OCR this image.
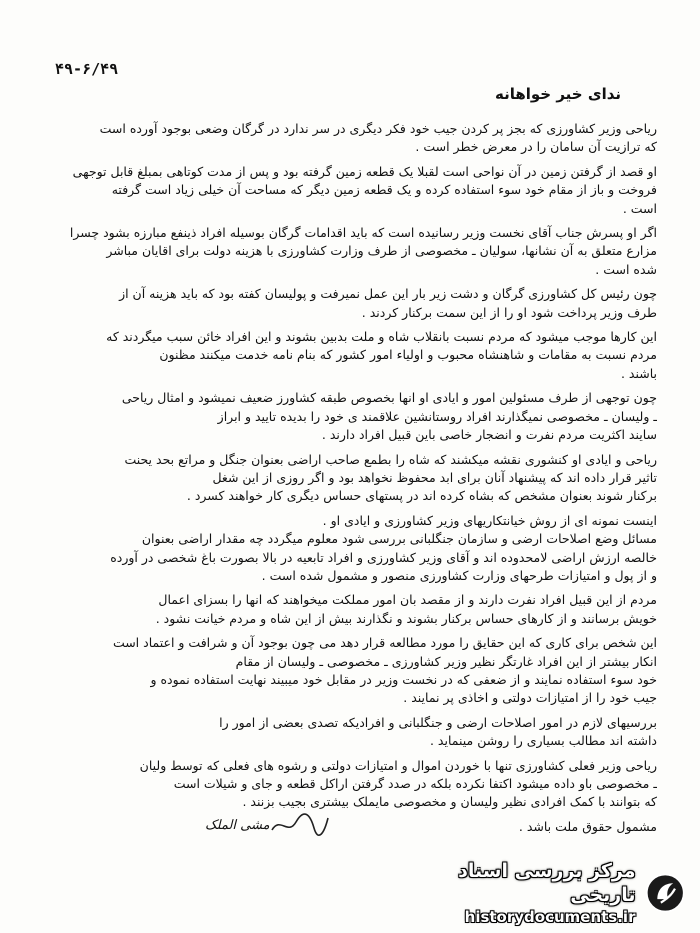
۴۹-۶/۴۹
ندای خیر خواهانه
ریاحی وزیر کشاورزی که بجز پر کردن جیب خود فکر دیگری در سر ندارد در گرگان وضعی بوجود آورده است
که ترازیت آن سامان را در معرض خطر است .
او قصد از گرفتن زمین در آن نواحی است لقبلا یک قطعه زمین گرفته بود و پس از مدت کوتاهی بمبلغ قابل توجهی
فروخت و باز از مقام خود سوء استفاده کرده و یک قطعه زمین دیگر که مساحت آن خیلی زیاد است گرفته
است .
اگر او پسرش جناب آقای نخست وزیر رسانیده است که باید اقدامات گرگان بوسیله افراد ذینفع مبارزه بشود چسرا
مزارع متعلق به آن نشانها، سولیان ـ مخصوصی از طرف وزارت کشاورزی با هزینه دولت برای اقایان مباشر
شده است .
چون رئیس کل کشاورزی گرگان و دشت زیر بار این عمل نمیرفت و پولیسان کفته بود که باید هزینه آن از
طرف وزیر پرداخت شود او را از این سمت برکنار کردند .
این کارها موجب میشود که مردم نسبت بانقلاب شاه و ملت بدبین بشوند و این افراد خائن سبب میگردند که
مردم نسبت به مقامات و شاهنشاه محبوب و اولیاء امور کشور که بنام نامه خدمت میکنند مظنون
باشند .
چون توجهی از طرف مسئولین امور و ایادی او انها بخصوص طبقه کشاورز ضعیف نمیشود و امثال ریاحی
ـ ولیسان ـ مخصوصی نمیگذارند افراد روستانشین علاقمند ی خود را بدیده تایید و ابراز
سایند اکثریت مردم نفرت و انضجار خاصی باین قبیل افراد دارند .
ریاحی و ایادی او کنشوری نقشه میکشند که شاه را بطمع صاحب اراضی بعنوان جنگل و مراتع بحد یحنت
تاثیر قرار داده اند که پیشنهاد آنان برای ابد محفوظ نخواهد بود و اگر روزی از این شغل
برکنار شوند بعنوان مشخص که بشاه کرده اند در پستهای حساس دیگری کار خواهند کسرد .
اینست نمونه ای از روش خیانتکاریهای وزیر کشاورزی و ایادی او .
مسائل وضع اصلاحات ارضی و سازمان جنگلبانی بررسی شود معلوم میگردد چه مقدار اراضی بعنوان
خالصه ارزش اراضی لامحدوده اند و آقای وزیر کشاورزی و افراد تابعیه در بالا بصورت باغ شخصی در آورده
و از پول و امتیازات طرحهای وزارت کشاورزی منصور و مشمول شده است .
مردم از این قبیل افراد نفرت دارند و از مقصد بان امور مملکت میخواهند که انها را بسزای اعمال
خویش برسانند و از کارهای حساس برکنار بشوند و نگذارند بیش از این شاه و مردم خیانت نشود .
این شخص برای کاری که این حقایق را مورد مطالعه قرار دهد می چون بوجود آن و شرافت و اعتماد است
انکار بیشتر از این افراد غارتگر نظیر وزیر کشاورزی ـ مخصوصی ـ ولیسان از مقام
خود سوء استفاده نمایند و از ضعفی که در نخست وزیر در مقابل خود میبیند نهایت استفاده نموده و
جیب خود را از امتیازات دولتی و اخاذی پر نمایند .
بررسیهای لازم در امور اصلاحات ارضی و جنگلبانی و افرادیکه تصدی بعضی از امور را
داشته اند مطالب بسیاری را روشن مینماید .
ریاحی وزیر فعلی کشاورزی تنها با خوردن اموال و امتیازات دولتی و رشوه های فعلی که توسط ولیان
ـ مخصوصی باو داده میشود اکتفا نکرده بلکه در صدد گرفتن اراکل قطعه و جای و شیلات است
که بتوانند با کمک افرادی نظیر ولیسان و مخصوصی مایملک بیشتری بجیب بزنند .
مشمول حقوق ملت باشد .
مشی الملک
مرکز بررسی اسناد تاریخی
historydocuments.ir
